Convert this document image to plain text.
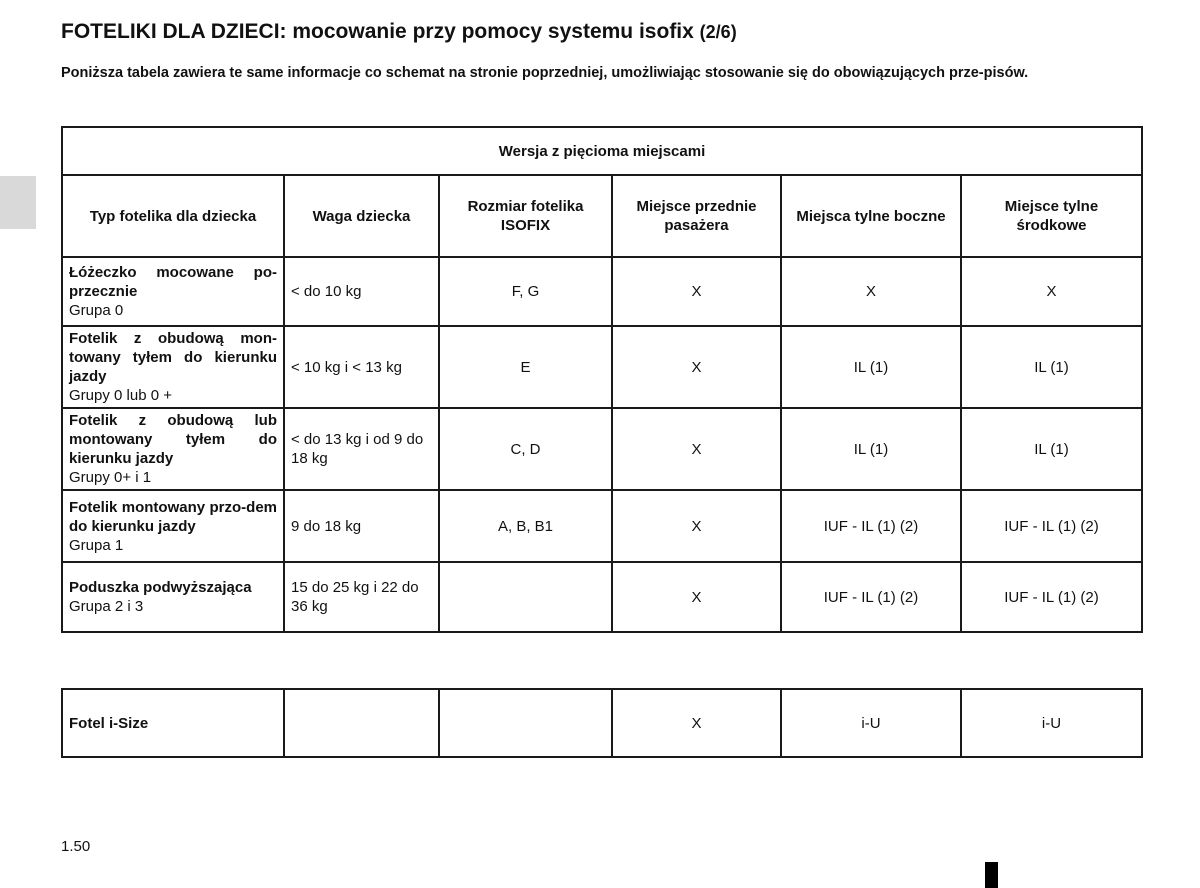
FOTELIKI DLA DZIECI: mocowanie przy pomocy systemu isofix (2/6)
Poniższa tabela zawiera te same informacje co schemat na stronie poprzedniej, umożliwiając stosowanie się do obowiązujących prze-pisów.
Wersja z pięcioma miejscami					
Typ fotelika dla dziecka	Waga dziecka	Rozmiar fotelika ISOFIX	Miejsce przednie pasażera	Miejsca tylne boczne	Miejsce tylne środkowe
Łóżeczko mocowane po-przecznie
Grupa 0	< do 10 kg	F, G	X	X	X
Fotelik z obudową mon-towany tyłem do kierunku jazdy
Grupy 0 lub 0 +	< 10 kg i < 13 kg	E	X	IL (1)	IL (1)
Fotelik z obudową lub montowany tyłem do kierunku jazdy
Grupy 0+ i 1	< do 13 kg i od 9 do 18 kg	C, D	X	IL (1)	IL (1)
Fotelik montowany przo-dem do kierunku jazdy
Grupa 1	9 do 18 kg	A, B, B1	X	IUF - IL (1) (2)	IUF - IL (1) (2)
Poduszka podwyższająca
Grupa 2 i 3	15 do 25 kg i 22 do 36 kg		X	IUF - IL (1) (2)	IUF - IL (1) (2)
Fotel i-Size			X	i-U	i-U
1.50
